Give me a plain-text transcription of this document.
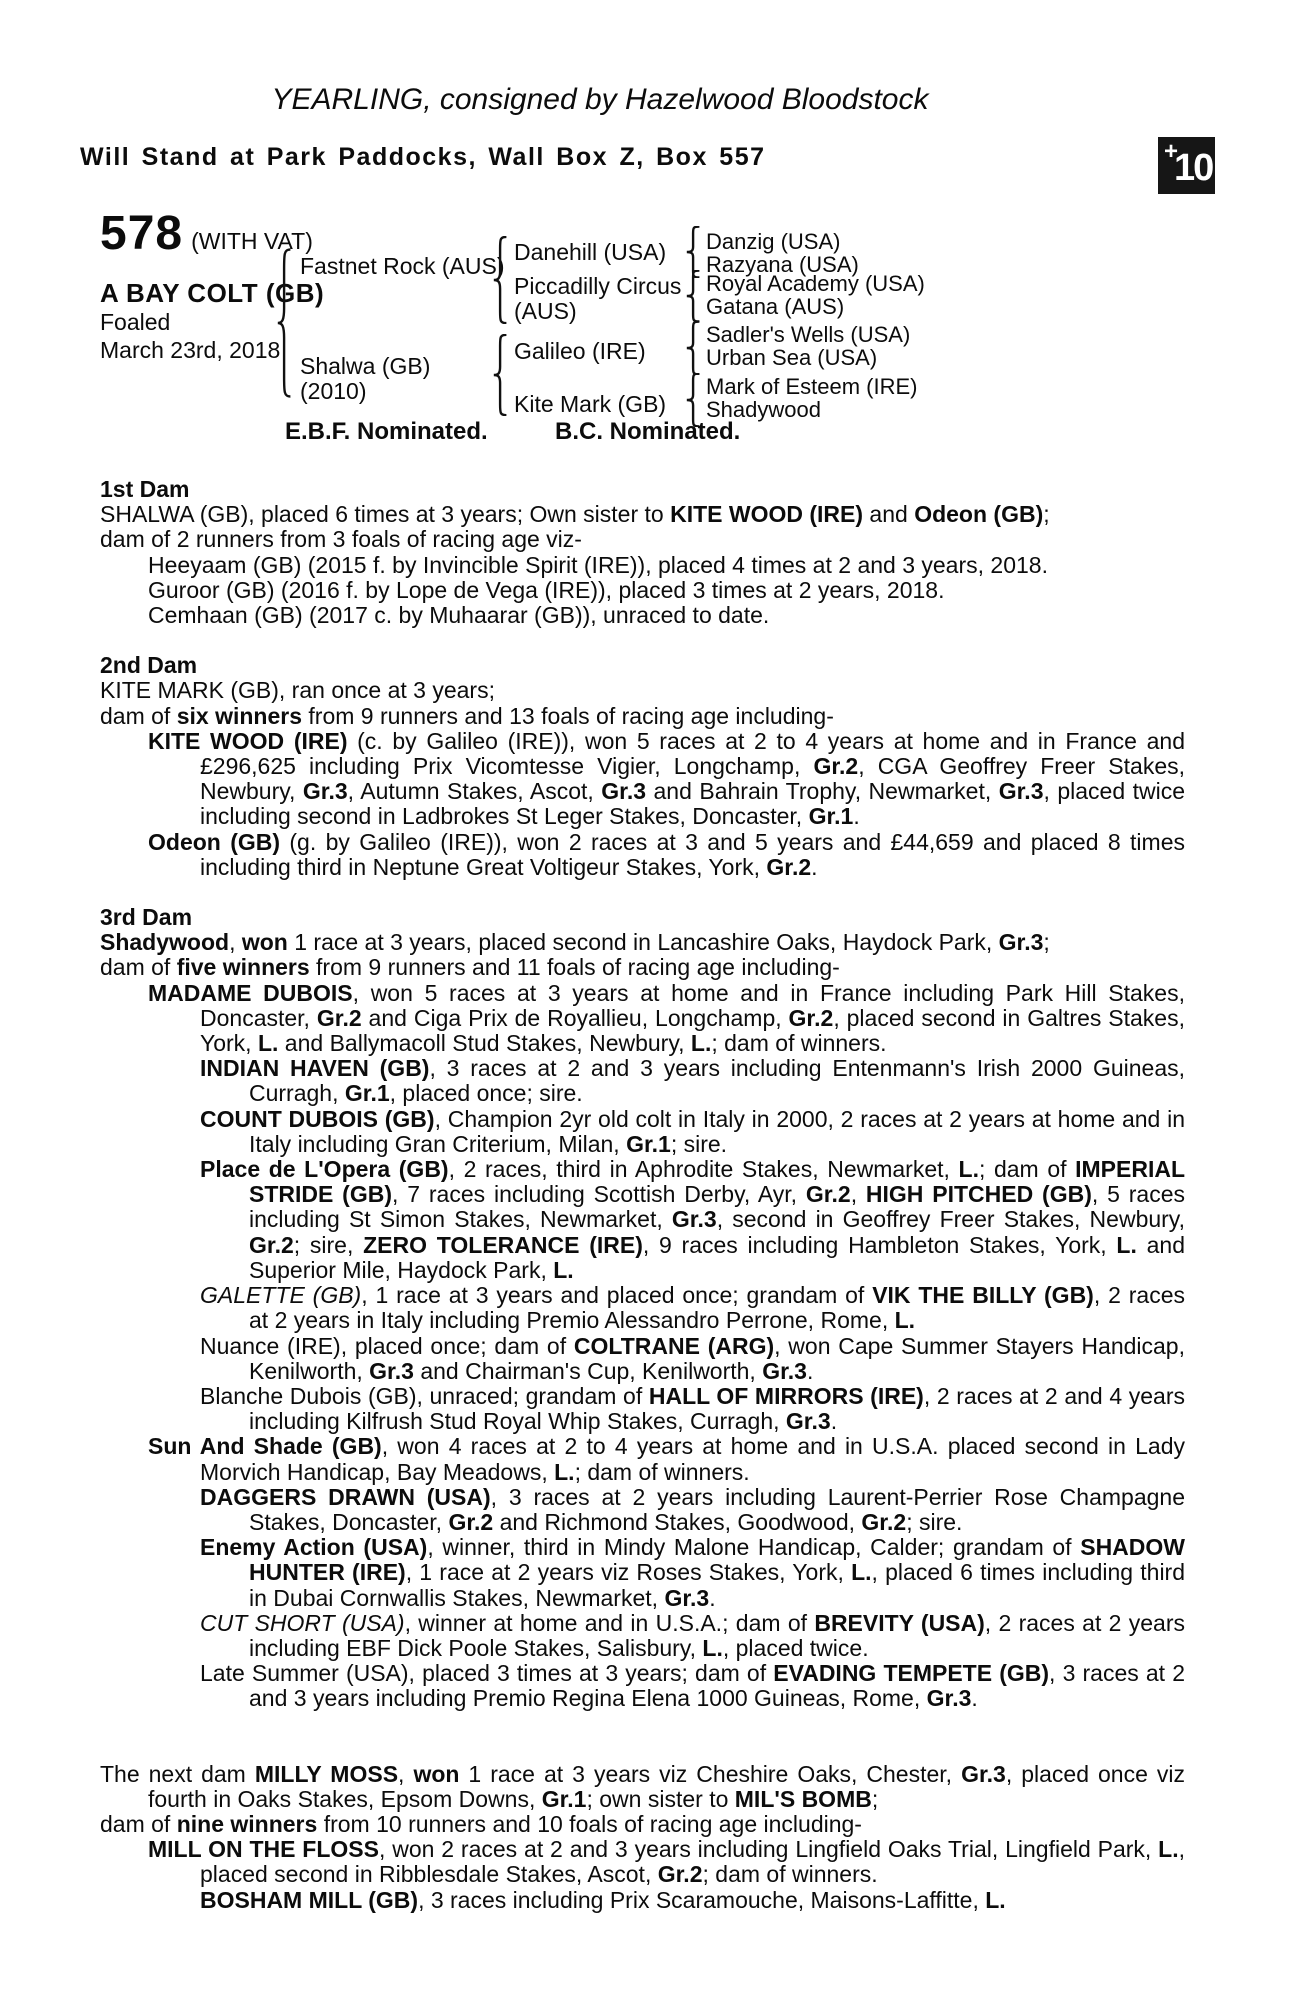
YEARLING, consigned by Hazelwood Bloodstock
Will Stand at Park Paddocks, Wall Box Z, Box 557	+
10
578 (WITH VAT)
A BAY COLT (GB)
Foaled
March 23rd, 2018
Fastnet Rock (AUS)
Shalwa (GB)
(2010)
Danehill (USA)
Piccadilly Circus (AUS)
Galileo (IRE)
Kite Mark (GB)
Danzig (USA)
Razyana (USA)
Royal Academy (USA)
Gatana (AUS)
Sadler's Wells (USA)
Urban Sea (USA)
Mark of Esteem (IRE)
Shadywood
E.B.F. Nominated.	B.C. Nominated.
1st Dam

SHALWA (GB), placed 6 times at 3 years; Own sister to KITE WOOD (IRE) and Odeon (GB);

dam of 2 runners from 3 foals of racing age viz-

Heeyaam (GB) (2015 f. by Invincible Spirit (IRE)), placed 4 times at 2 and 3 years, 2018.

Guroor (GB) (2016 f. by Lope de Vega (IRE)), placed 3 times at 2 years, 2018.

Cemhaan (GB) (2017 c. by Muhaarar (GB)), unraced to date.

2nd Dam

KITE MARK (GB), ran once at 3 years;

dam of six winners from 9 runners and 13 foals of racing age including-

KITE WOOD (IRE) (c. by Galileo (IRE)), won 5 races at 2 to 4 years at home and in France and £296,625 including Prix Vicomtesse Vigier, Longchamp, Gr.2, CGA Geoffrey Freer Stakes, Newbury, Gr.3, Autumn Stakes, Ascot, Gr.3 and Bahrain Trophy, Newmarket, Gr.3, placed twice including second in Ladbrokes St Leger Stakes, Doncaster, Gr.1.

Odeon (GB) (g. by Galileo (IRE)), won 2 races at 3 and 5 years and £44,659 and placed 8 times including third in Neptune Great Voltigeur Stakes, York, Gr.2.

3rd Dam

Shadywood, won 1 race at 3 years, placed second in Lancashire Oaks, Haydock Park, Gr.3;

dam of five winners from 9 runners and 11 foals of racing age including-

MADAME DUBOIS, won 5 races at 3 years at home and in France including Park Hill Stakes, Doncaster, Gr.2 and Ciga Prix de Royallieu, Longchamp, Gr.2, placed second in Galtres Stakes, York, L. and Ballymacoll Stud Stakes, Newbury, L.; dam of winners.

INDIAN HAVEN (GB), 3 races at 2 and 3 years including Entenmann's Irish 2000 Guineas, Curragh, Gr.1, placed once; sire.

COUNT DUBOIS (GB), Champion 2yr old colt in Italy in 2000, 2 races at 2 years at home and in Italy including Gran Criterium, Milan, Gr.1; sire.

Place de L'Opera (GB), 2 races, third in Aphrodite Stakes, Newmarket, L.; dam of IMPERIAL STRIDE (GB), 7 races including Scottish Derby, Ayr, Gr.2, HIGH PITCHED (GB), 5 races including St Simon Stakes, Newmarket, Gr.3, second in Geoffrey Freer Stakes, Newbury, Gr.2; sire, ZERO TOLERANCE (IRE), 9 races including Hambleton Stakes, York, L. and Superior Mile, Haydock Park, L.

GALETTE (GB), 1 race at 3 years and placed once; grandam of VIK THE BILLY (GB), 2 races at 2 years in Italy including Premio Alessandro Perrone, Rome, L.

Nuance (IRE), placed once; dam of COLTRANE (ARG), won Cape Summer Stayers Handicap, Kenilworth, Gr.3 and Chairman's Cup, Kenilworth, Gr.3.

Blanche Dubois (GB), unraced; grandam of HALL OF MIRRORS (IRE), 2 races at 2 and 4 years including Kilfrush Stud Royal Whip Stakes, Curragh, Gr.3.

Sun And Shade (GB), won 4 races at 2 to 4 years at home and in U.S.A. placed second in Lady Morvich Handicap, Bay Meadows, L.; dam of winners.

DAGGERS DRAWN (USA), 3 races at 2 years including Laurent-Perrier Rose Champagne Stakes, Doncaster, Gr.2 and Richmond Stakes, Goodwood, Gr.2; sire.

Enemy Action (USA), winner, third in Mindy Malone Handicap, Calder; grandam of SHADOW HUNTER (IRE), 1 race at 2 years viz Roses Stakes, York, L., placed 6 times including third in Dubai Cornwallis Stakes, Newmarket, Gr.3.

CUT SHORT (USA), winner at home and in U.S.A.; dam of BREVITY (USA), 2 races at 2 years including EBF Dick Poole Stakes, Salisbury, L., placed twice.

Late Summer (USA), placed 3 times at 3 years; dam of EVADING TEMPETE (GB), 3 races at 2 and 3 years including Premio Regina Elena 1000 Guineas, Rome, Gr.3.

The next dam MILLY MOSS, won 1 race at 3 years viz Cheshire Oaks, Chester, Gr.3, placed once viz fourth in Oaks Stakes, Epsom Downs, Gr.1; own sister to MIL'S BOMB;

dam of nine winners from 10 runners and 10 foals of racing age including-

MILL ON THE FLOSS, won 2 races at 2 and 3 years including Lingfield Oaks Trial, Lingfield Park, L., placed second in Ribblesdale Stakes, Ascot, Gr.2; dam of winners.

BOSHAM MILL (GB), 3 races including Prix Scaramouche, Maisons-Laffitte, L.
